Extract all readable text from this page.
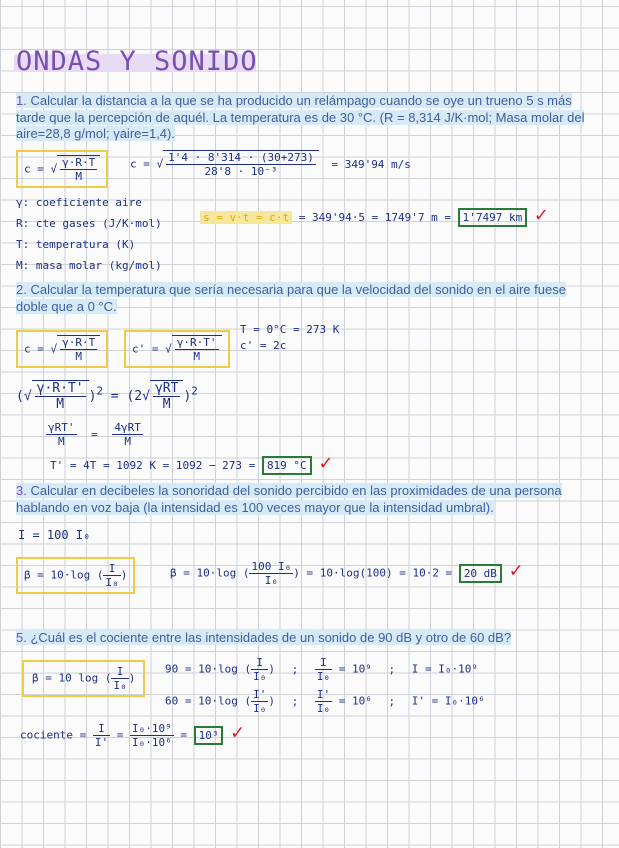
ONDAS Y SONIDO
1. Calcular la distancia a la que se ha producido un relámpago cuando se oye un trueno 5 s más tarde que la percepción de aquél. La temperatura es de 30 °C. (R = 8,314 J/K·mol; Masa molar del aire=28,8 g/mol; γaire=1,4).
c = √ $\frac{\gamma\cdot R\cdot T}{M}$	c = √ $\frac{1'4 \cdot 8'314 \cdot (30+273)}{\text{28'8 · 10⁻³}} = 349'94$ m/s
γ: coeficiente aire
R: cte gases (J/K·mol)
T: temperatura (K)
M: masa molar (kg/mol)
s = v·t = c·t = 349'94·5 = 1749'7 m = 1'7497 km ✓
2. Calcular la temperatura que sería necesaria para que la velocidad del sonido en el aire fuese doble que a 0 °C.
c = √ $\frac{\gamma\cdot R\cdot T}{M}$	c' = √ $\frac{\gamma\cdot R\cdot T'}{M}$
T = 0°C = 273 K
c' = 2c
(√ $\frac{\gamma\cdot R\cdot T'}{M} )^2 = (2√ \frac{\text{γRT}}{M} )^2$
$\frac{\text{γRT'}}{M} = \frac{\text{4γRT}}{M}$
T' = 4T = 1092 K = 1092 − 273 = 819 °C ✓
3. Calcular en decibeles la sonoridad del sonido percibido en las proximidades de una persona hablando en voz baja (la intensidad es 100 veces mayor que la intensidad umbral).
I = 100 I₀
β = 10·log ( $\frac{I}{\text{I₀}}$ )	β = 10·log ( $\frac{\text{100 I₀}}{\text{I₀}}$ ) = 10·log(100) = 10·2 = 20 dB ✓
5. ¿Cuál es el cociente entre las intensidades de un sonido de 90 dB y otro de 60 dB?
β = 10 log ( $\frac{I}{\text{I₀}}$ )
90 = 10·log ( $\frac{I}{\text{I₀}}$ ) ; $\frac{I}{\text{I₀}} = 10^9$ ; I = I₀·10⁹
60 = 10·log ( $\frac{I'}{\text{I₀}}$ ) ; $\frac{I'}{\text{I₀}} = 10^6$ ; I' = I₀·10⁶
cociente = $\frac{I}{I'} = \frac{\text{I₀·10⁹}}{\text{I₀·10⁶}} = 10^3$ ✓
